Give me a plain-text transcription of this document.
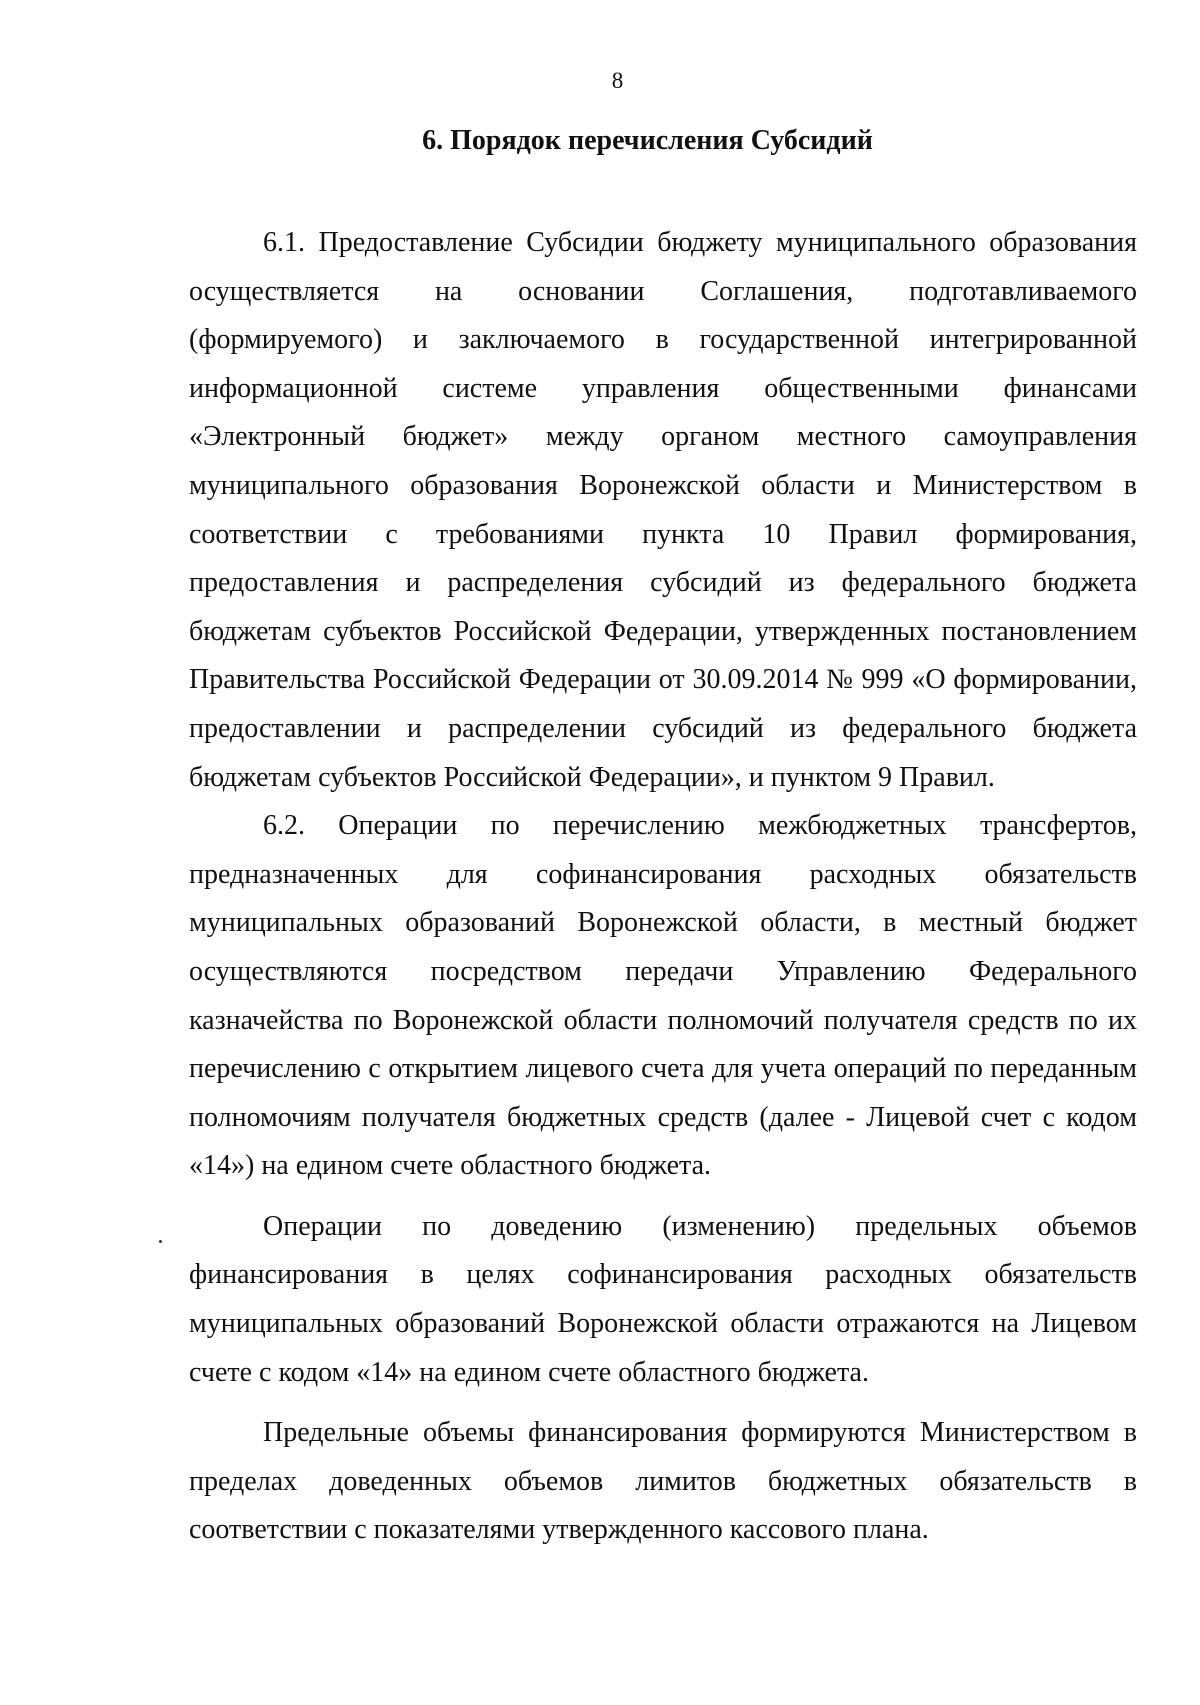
8
6. Порядок перечисления Субсидий

6.1. Предоставление Субсидии бюджету муниципального образования осуществляется на основании Соглашения, подготавливаемого (формируемого) и заключаемого в государственной интегрированной информационной системе управления общественными финансами «Электронный бюджет» между органом местного самоуправления муниципального образования Воронежской области и Министерством в соответствии с требованиями пункта 10 Правил формирования, предоставления и распределения субсидий из федерального бюджета бюджетам субъектов Российской Федерации, утвержденных постановлением Правительства Российской Федерации от 30.09.2014 № 999 «О формировании, предоставлении и распределении субсидий из федерального бюджета бюджетам субъектов Российской Федерации», и пунктом 9 Правил.

6.2. Операции по перечислению межбюджетных трансфертов, предназначенных для софинансирования расходных обязательств муниципальных образований Воронежской области, в местный бюджет осуществляются посредством передачи Управлению Федерального казначейства по Воронежской области полномочий получателя средств по их перечислению с открытием лицевого счета для учета операций по переданным полномочиям получателя бюджетных средств (далее - Лицевой счет с кодом «14») на едином счете областного бюджета.

Операции по доведению (изменению) предельных объемов финансирования в целях софинансирования расходных обязательств муниципальных образований Воронежской области отражаются на Лицевом счете с кодом «14» на едином счете областного бюджета.

Предельные объемы финансирования формируются Министерством в пределах доведенных объемов лимитов бюджетных обязательств в соответствии с показателями утвержденного кассового плана.
